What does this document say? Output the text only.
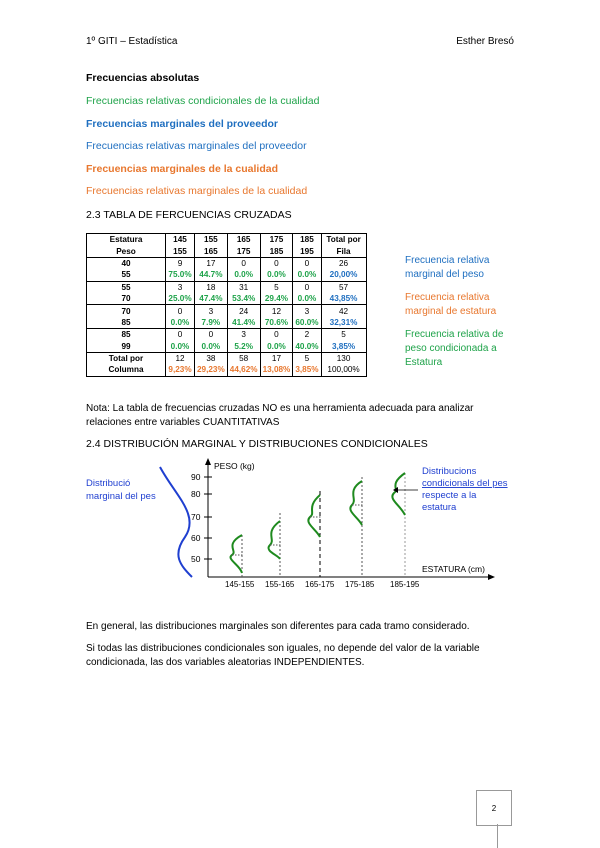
1º GITI – Estadística	Esther Bresó
Frecuencias absolutas
Frecuencias relativas condicionales de la cualidad
Frecuencias marginales del proveedor
Frecuencias relativas marginales del proveedor
Frecuencias marginales de la cualidad
Frecuencias relativas marginales de la cualidad
2.3 TABLA DE FERCUENCIAS CRUZADAS
Estatura	145	155	165	175	185	Total por
Peso	155	165	175	185	195	Fila
40	9	17	0	0	0	26
55	75.0%	44.7%	0.0%	0.0%	0.0%	20,00%
55	3	18	31	5	0	57
70	25.0%	47.4%	53.4%	29.4%	0.0%	43,85%
70	0	3	24	12	3	42
85	0.0%	7.9%	41.4%	70.6%	60.0%	32,31%
85	0	0	3	0	2	5
99	0.0%	0.0%	5.2%	0.0%	40.0%	3,85%
Total por	12	38	58	17	5	130
Columna	9,23%	29,23%	44,62%	13,08%	3,85%	100,00%
Frecuencia relativa
marginal del peso
Frecuencia relativa
marginal de estatura
Frecuencia relativa de
peso condicionada a
Estatura
Nota: La tabla de frecuencias cruzadas NO es una herramienta adecuada para analizar
relaciones entre variables CUANTITATIVAS
2.4 DISTRIBUCIÓN MARGINAL Y DISTRIBUCIONES CONDICIONALES
Distribució
marginal del pes
PESO (kg)
ESTATURA (cm)
90
80
70
60
50
145-155 155-165 165-175 175-185 185-195
Distribucions
condicionals del pes
respecte a la
estatura
En general, las distribuciones marginales son diferentes para cada tramo considerado.
Si todas las distribuciones condicionales son iguales, no depende del valor de la variable
condicionada, las dos variables aleatorias INDEPENDIENTES.
2
